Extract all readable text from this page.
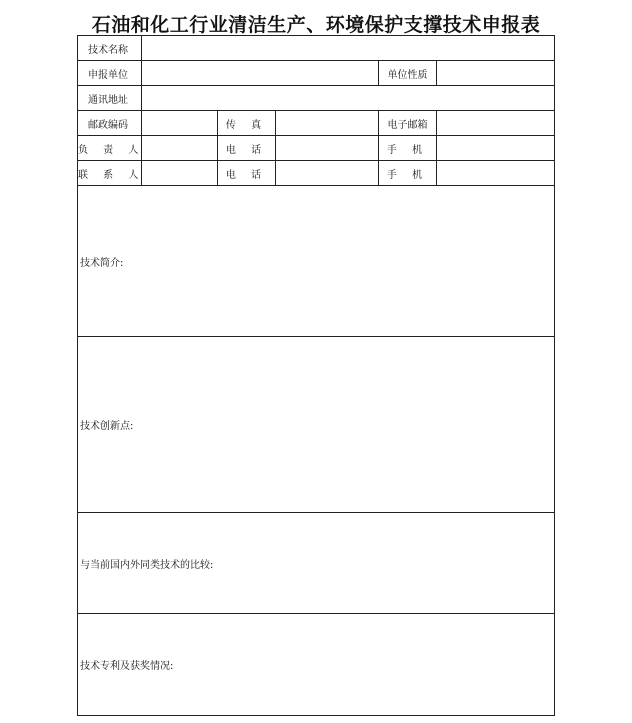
石油和化工行业清洁生产、环境保护支撑技术申报表
技术名称					
申报单位				单位性质	
通讯地址					
邮政编码		传 真		电子邮箱	
负 责 人		电 话		手 机	
联 系 人		电 话		手 机	
技术简介:					
技术创新点:					
与当前国内外同类技术的比较:					
技术专利及获奖情况:					
